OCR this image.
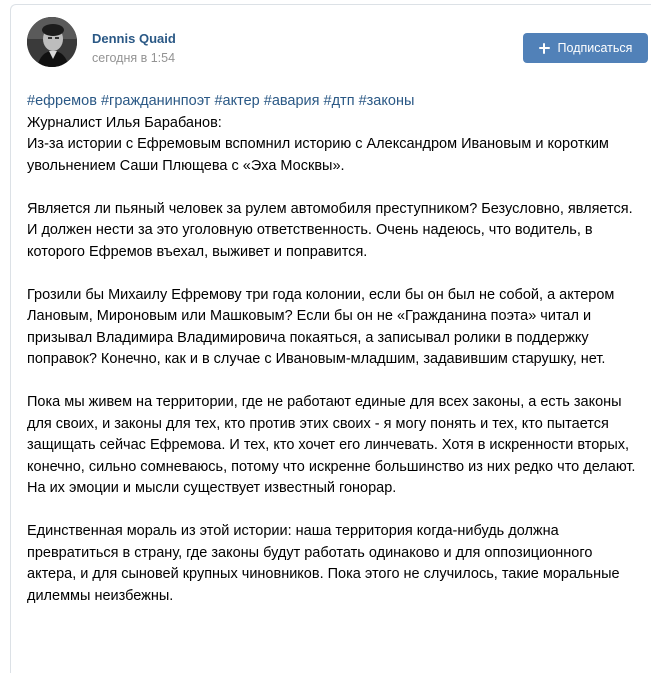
Dennis Quaid
сегодня в 1:54
Подписаться

#ефремов #гражданинпоэт #актер #авария #дтп #законы

Журналист Илья Барабанов:

Из-за истории с Ефремовым вспомнил историю с Александром Ивановым и коротким увольнением Саши Плющева с «Эха Москвы».

Является ли пьяный человек за рулем автомобиля преступником? Безусловно, является. И должен нести за это уголовную ответственность. Очень надеюсь, что водитель, в которого Ефремов въехал, выживет и поправится.

Грозили бы Михаилу Ефремову три года колонии, если бы он был не собой, а актером Лановым, Мироновым или Машковым? Если бы он не «Гражданина поэта» читал и призывал Владимира Владимировича покаяться, а записывал ролики в поддержку поправок? Конечно, как и в случае с Ивановым-младшим, задавившим старушку, нет.

Пока мы живем на территории, где не работают единые для всех законы, а есть законы для своих, и законы для тех, кто против этих своих - я могу понять и тех, кто пытается защищать сейчас Ефремова. И тех, кто хочет его линчевать. Хотя в искренности вторых, конечно, сильно сомневаюсь, потому что искренне большинство из них редко что делают. На их эмоции и мысли существует известный гонорар.

Единственная мораль из этой истории: наша территория когда-нибудь должна превратиться в страну, где законы будут работать одинаково и для оппозиционного актера, и для сыновей крупных чиновников. Пока этого не случилось, такие моральные дилеммы неизбежны.
